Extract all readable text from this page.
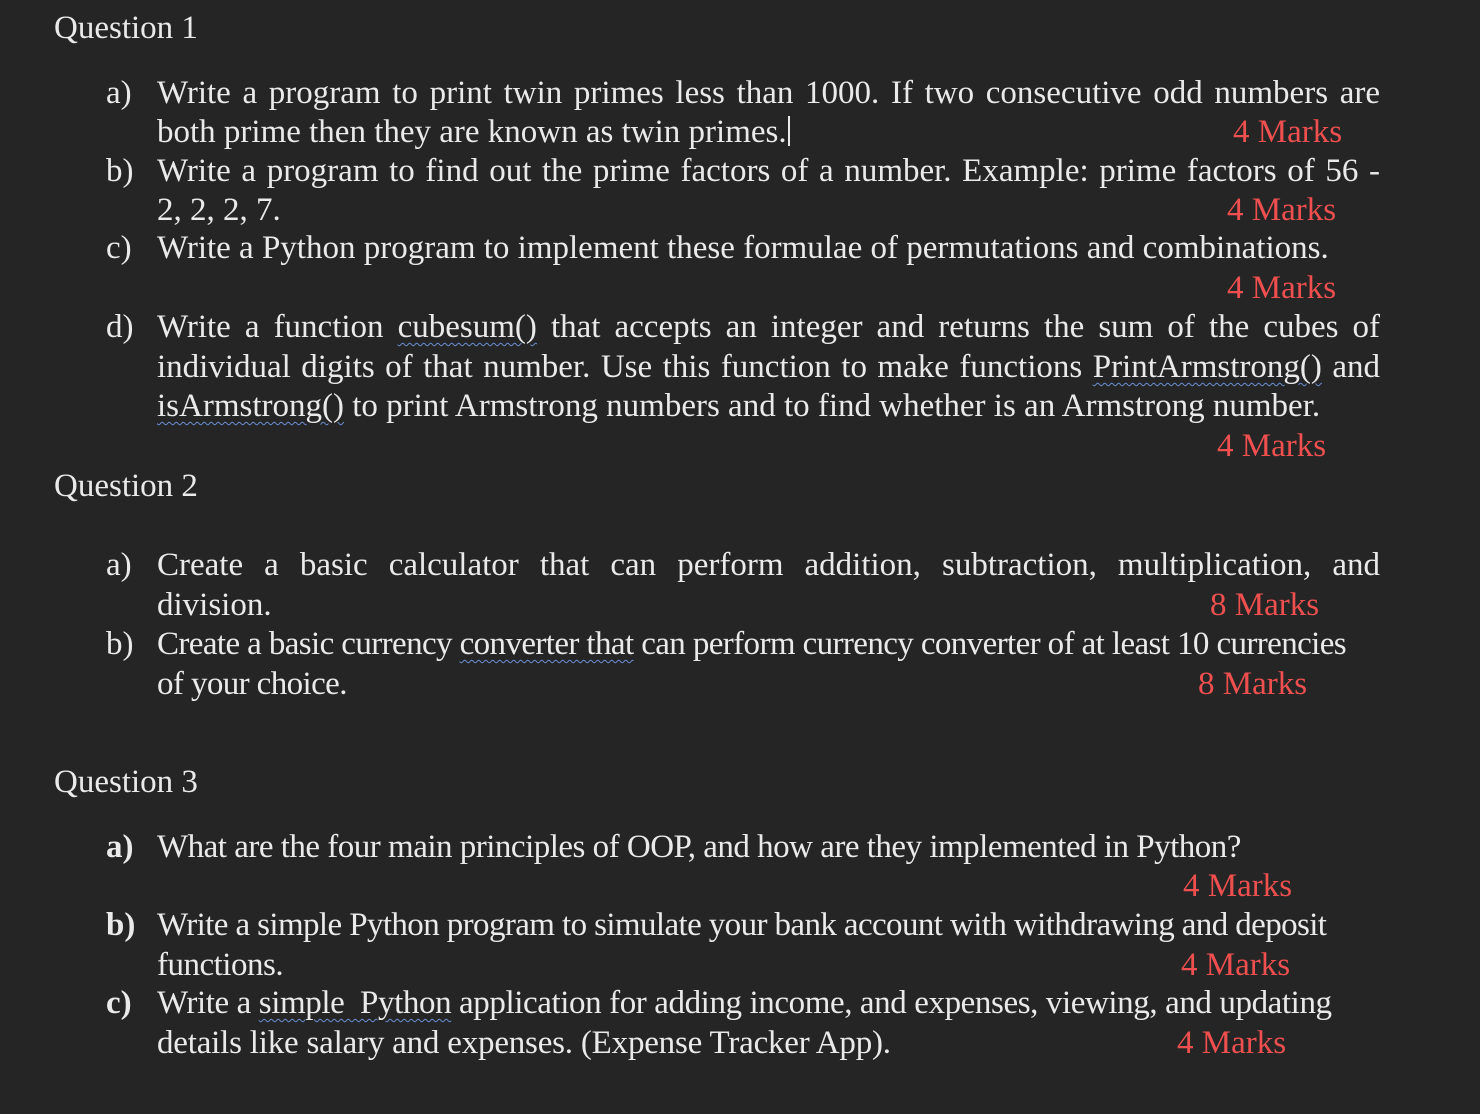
Question 1
a) Write a program to print twin primes less than 1000. If two consecutive odd numbers are
both prime then they are known as twin primes.	4 Marks
b) Write a program to find out the prime factors of a number. Example: prime factors of 56 -
2, 2, 2, 7.	4 Marks
c) Write a Python program to implement these formulae of permutations and combinations.
4 Marks
d) Write a function cubesum() that accepts an integer and returns the sum of the cubes of
individual digits of that number. Use this function to make functions PrintArmstrong() and
isArmstrong() to print Armstrong numbers and to find whether is an Armstrong number.
4 Marks
Question 2
a) Create a basic calculator that can perform addition, subtraction, multiplication, and
division.	8 Marks
b) Create a basic currency converter that can perform currency converter of at least 10 currencies
of your choice.	8 Marks
Question 3
a) What are the four main principles of OOP, and how are they implemented in Python?
4 Marks
b) Write a simple Python program to simulate your bank account with withdrawing and deposit
functions.	4 Marks
c) Write a simple  Python application for adding income, and expenses, viewing, and updating
details like salary and expenses. (Expense Tracker App).	4 Marks
